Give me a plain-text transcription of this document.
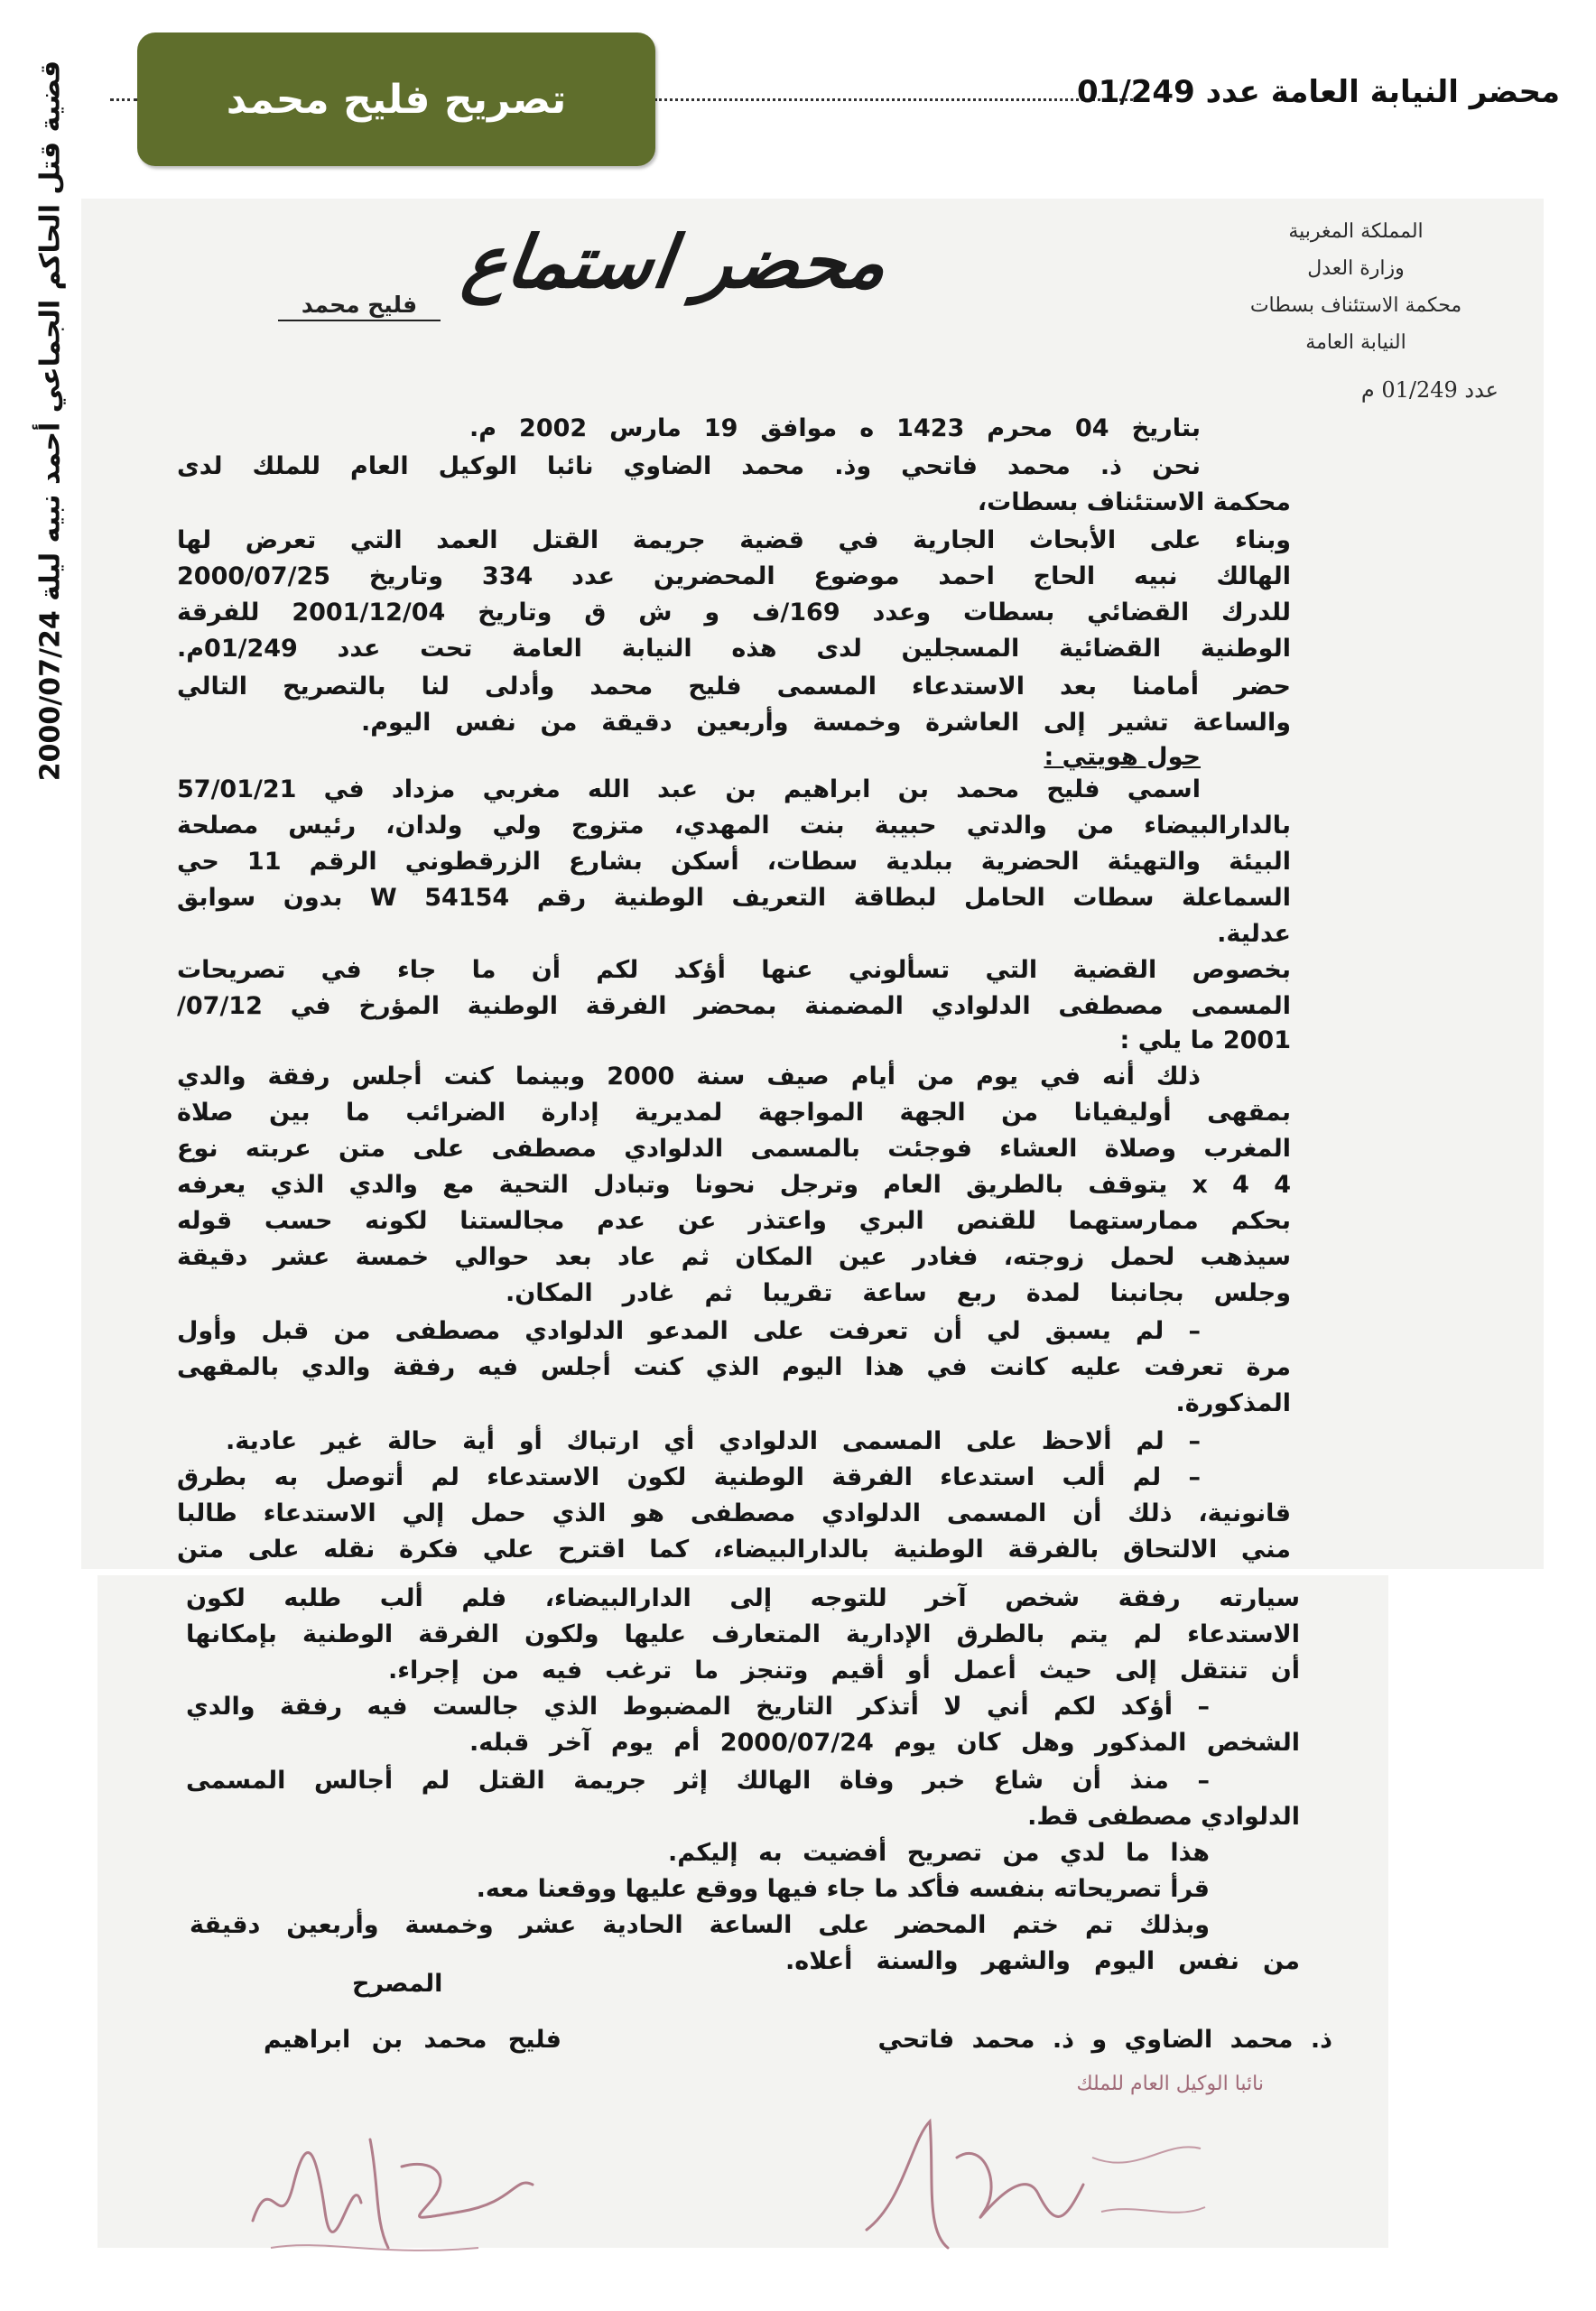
محضر النيابة العامة عدد 01/249
تصريح فليح محمد
قضية قتل الحاكم الجماعي أحمد نبيه ليلة 2000/07/24	المملكة المغربية
وزارة العدل
محكمة الاستئناف بسطات
النيابة العامة
عدد 01/249 م
محضر استماع
فليح محمد
بتاريخ 04 محرم 1423 ه موافق 19 مارس 2002 م.
نحن ذ. محمد فاتحي وذ. محمد الضاوي نائبا الوكيل العام للملك لدى
محكمة الاستئناف بسطات،
وبناء على الأبحاث الجارية في قضية جريمة القتل العمد التي تعرض لها
الهالك نبيه الحاج احمد موضوع المحضرين عدد 334 وتاريخ 2000/07/25
للدرك القضائي بسطات وعدد 169/ف و ش ق وتاريخ 2001/12/04 للفرقة
الوطنية القضائية المسجلين لدى هذه النيابة العامة تحت عدد 01/249م.
حضر أمامنا بعد الاستدعاء المسمى فليح محمد وأدلى لنا بالتصريح التالي
والساعة تشير إلى العاشرة وخمسة وأربعين دقيقة من نفس اليوم.
حول هويتي :
اسمي فليح محمد بن ابراهيم بن عبد الله مغربي مزداد في 57/01/21
بالدارالبيضاء من والدتي حبيبة بنت المهدي، متزوج ولي ولدان، رئيس مصلحة
البيئة والتهيئة الحضرية ببلدية سطات، أسكن بشارع الزرقطوني الرقم 11 حي
السماعلة سطات الحامل لبطاقة التعريف الوطنية رقم W 54154 بدون سوابق
عدلية.
بخصوص القضية التي تسألوني عنها أؤكد لكم أن ما جاء في تصريحات
المسمى مصطفى الدلوادي المضمنة بمحضر الفرقة الوطنية المؤرخ في 07/12/
2001 ما يلي :
ذلك أنه في يوم من أيام صيف سنة 2000 وبينما كنت أجلس رفقة والدي
بمقهى أوليفيانا من الجهة المواجهة لمديرية إدارة الضرائب ما بين صلاة
المغرب وصلاة العشاء فوجئت بالمسمى الدلوادي مصطفى على متن عربته نوع
4 x 4 يتوقف بالطريق العام وترجل نحونا وتبادل التحية مع والدي الذي يعرفه
بحكم ممارستهما للقنص البري واعتذر عن عدم مجالستنا لكونه حسب قوله
سيذهب لحمل زوجته، فغادر عين المكان ثم عاد بعد حوالي خمسة عشر دقيقة
وجلس بجانبنا لمدة ربع ساعة تقريبا ثم غادر المكان.
– لم يسبق لي أن تعرفت على المدعو الدلوادي مصطفى من قبل وأول
مرة تعرفت عليه كانت في هذا اليوم الذي كنت أجلس فيه رفقة والدي بالمقهى
المذكورة.
– لم ألاحظ على المسمى الدلوادي أي ارتباك أو أية حالة غير عادية.
– لم ألب استدعاء الفرقة الوطنية لكون الاستدعاء لم أتوصل به بطرق
قانونية، ذلك أن المسمى الدلوادي مصطفى هو الذي حمل إلي الاستدعاء طالبا
مني الالتحاق بالفرقة الوطنية بالدارالبيضاء، كما اقترح علي فكرة نقله على متن
سيارته رفقة شخص آخر للتوجه إلى الدارالبيضاء، فلم ألب طلبه لكون
الاستدعاء لم يتم بالطرق الإدارية المتعارف عليها ولكون الفرقة الوطنية بإمكانها
أن تنتقل إلى حيث أعمل أو أقيم وتنجز ما ترغب فيه من إجراء.
– أؤكد لكم أني لا أتذكر التاريخ المضبوط الذي جالست فيه رفقة والدي
الشخص المذكور وهل كان يوم 2000/07/24 أم يوم آخر قبله.
– منذ أن شاع خبر وفاة الهالك إثر جريمة القتل لم أجالس المسمى
الدلوادي مصطفى قط.
هذا ما لدي من تصريح أفضيت به إليكم.
قرأ تصريحاته بنفسه فأكد ما جاء فيها ووقع عليها ووقعنا معه.
وبذلك تم ختم المحضر على الساعة الحادية عشر وخمسة وأربعين دقيقة
من نفس اليوم والشهر والسنة أعلاه.
المصرح
فليح محمد بن ابراهيم	ذ. محمد الضاوي و ذ. محمد فاتحي
نائبا الوكيل العام للملك
